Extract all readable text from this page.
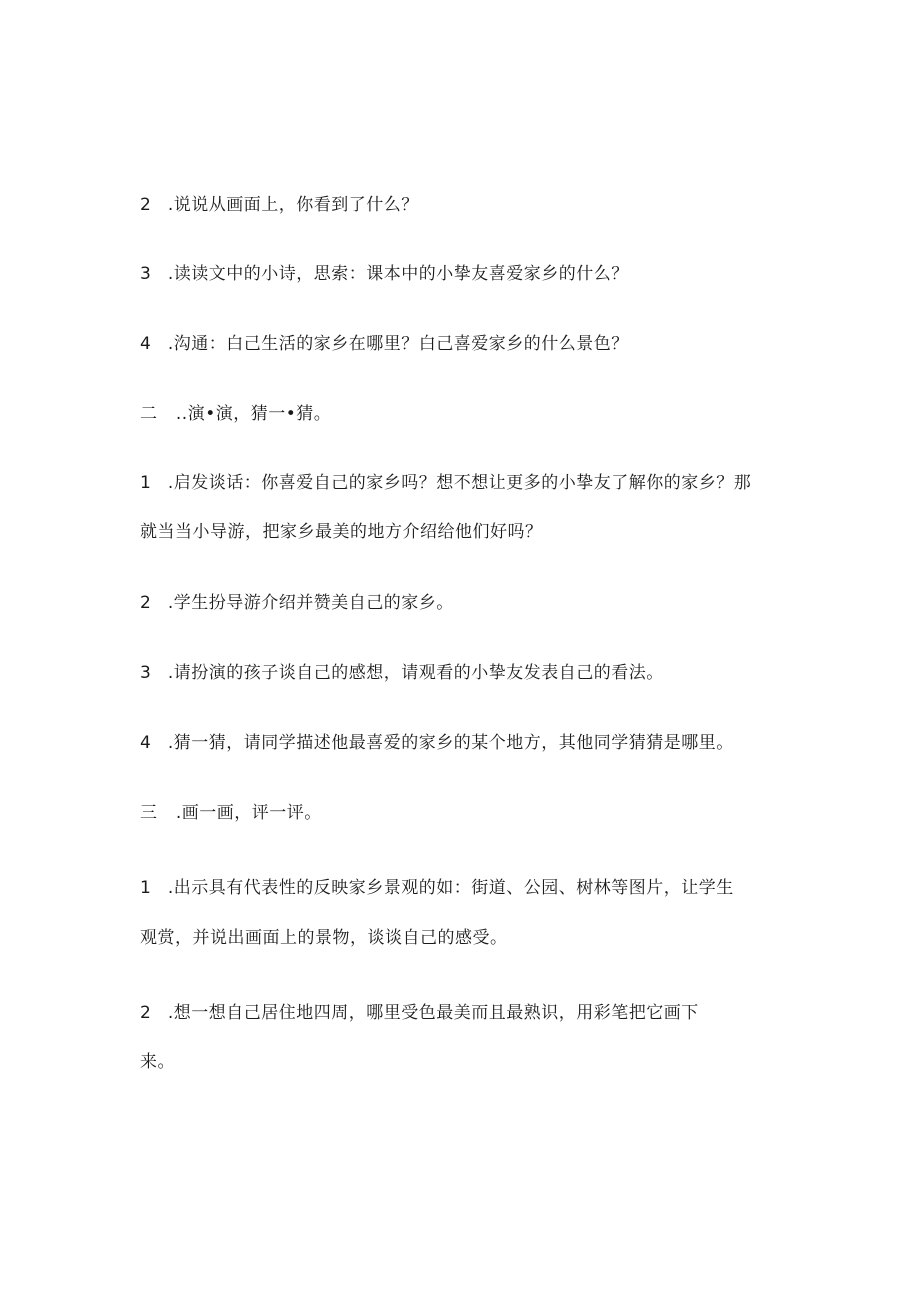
2 .说说从画面上，你看到了什么？
3 .读读文中的小诗，思索：课本中的小挚友喜爱家乡的什么？
4 .沟通：白己生活的家乡在哪里？白己喜爱家乡的什么景色？
二 ..演•演，猜一•猜。
1 .启发谈话：你喜爱自己的家乡吗？想不想让更多的小挚友了解你的家乡？那
就当当小导游，把家乡最美的地方介绍给他们好吗？
2 .学生扮导游介绍并赞美自己的家乡。
3 .请扮演的孩子谈自己的感想，请观看的小挚友发表自己的看法。
4 .猜一猜，请同学描述他最喜爱的家乡的某个地方，其他同学猜猜是哪里。
三 .画一画，评一评。
1 .出示具有代表性的反映家乡景观的如：街道、公园、树林等图片，让学生
观赏，并说出画面上的景物，谈谈自己的感受。
2 .想一想自己居住地四周，哪里受色最美而且最熟识，用彩笔把它画下
来。
